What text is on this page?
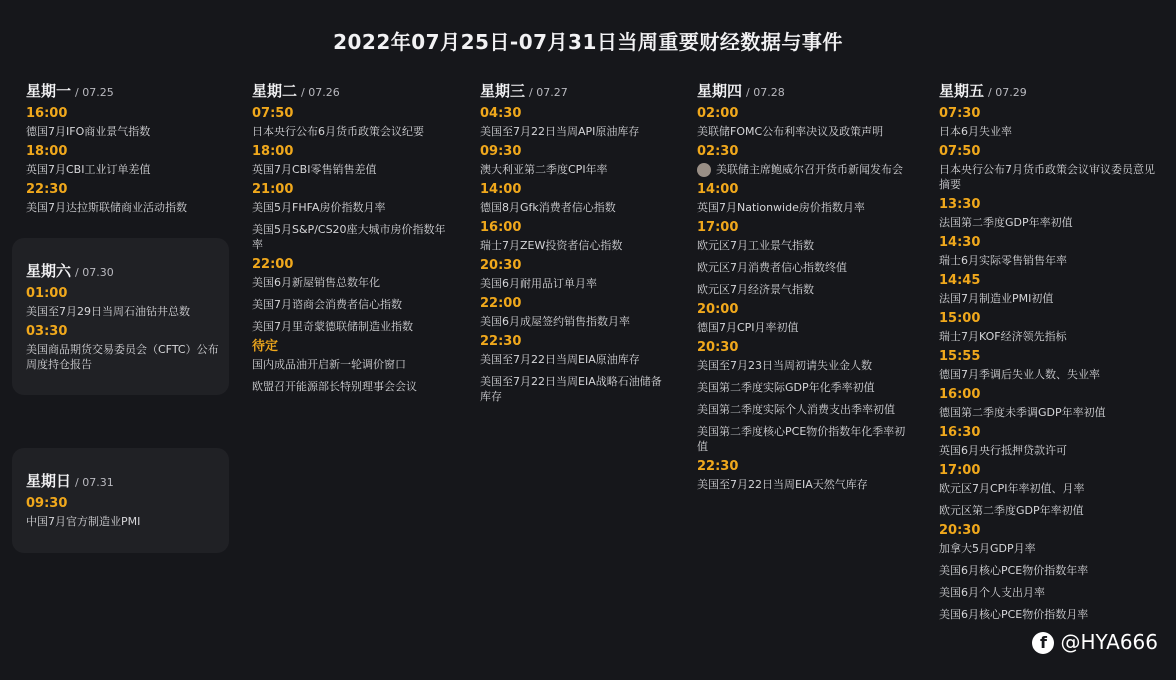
2022年07月25日-07月31日当周重要财经数据与事件
星期一 / 07.25
16:00
德国7月IFO商业景气指数
18:00
英国7月CBI工业订单差值
22:30
美国7月达拉斯联储商业活动指数
星期六 / 07.30
01:00
美国至7月29日当周石油钻井总数
03:30
美国商品期货交易委员会（CFTC）公布周度持仓报告
星期日 / 07.31
09:30
中国7月官方制造业PMI
星期二 / 07.26
07:50
日本央行公布6月货币政策会议纪要
18:00
英国7月CBI零售销售差值
21:00
美国5月FHFA房价指数月率
美国5月S&P/CS20座大城市房价指数年率
22:00
美国6月新屋销售总数年化
美国7月谘商会消费者信心指数
美国7月里奇蒙德联储制造业指数
待定
国内成品油开启新一轮调价窗口
欧盟召开能源部长特别理事会会议
星期三 / 07.27
04:30
美国至7月22日当周API原油库存
09:30
澳大利亚第二季度CPI年率
14:00
德国8月Gfk消费者信心指数
16:00
瑞士7月ZEW投资者信心指数
20:30
美国6月耐用品订单月率
22:00
美国6月成屋签约销售指数月率
22:30
美国至7月22日当周EIA原油库存
美国至7月22日当周EIA战略石油储备库存
星期四 / 07.28
02:00
美联储FOMC公布利率决议及政策声明
02:30
美联储主席鲍威尔召开货币新闻发布会
14:00
英国7月Nationwide房价指数月率
17:00
欧元区7月工业景气指数
欧元区7月消费者信心指数终值
欧元区7月经济景气指数
20:00
德国7月CPI月率初值
20:30
美国至7月23日当周初请失业金人数
美国第二季度实际GDP年化季率初值
美国第二季度实际个人消费支出季率初值
美国第二季度核心PCE物价指数年化季率初值
22:30
美国至7月22日当周EIA天然气库存
星期五 / 07.29
07:30
日本6月失业率
07:50
日本央行公布7月货币政策会议审议委员意见摘要
13:30
法国第二季度GDP年率初值
14:30
瑞士6月实际零售销售年率
14:45
法国7月制造业PMI初值
15:00
瑞士7月KOF经济领先指标
15:55
德国7月季调后失业人数、失业率
16:00
德国第二季度未季调GDP年率初值
16:30
英国6月央行抵押贷款许可
17:00
欧元区7月CPI年率初值、月率
欧元区第二季度GDP年率初值
20:30
加拿大5月GDP月率
美国6月核心PCE物价指数年率
美国6月个人支出月率
美国6月核心PCE物价指数月率
f @HYA666
